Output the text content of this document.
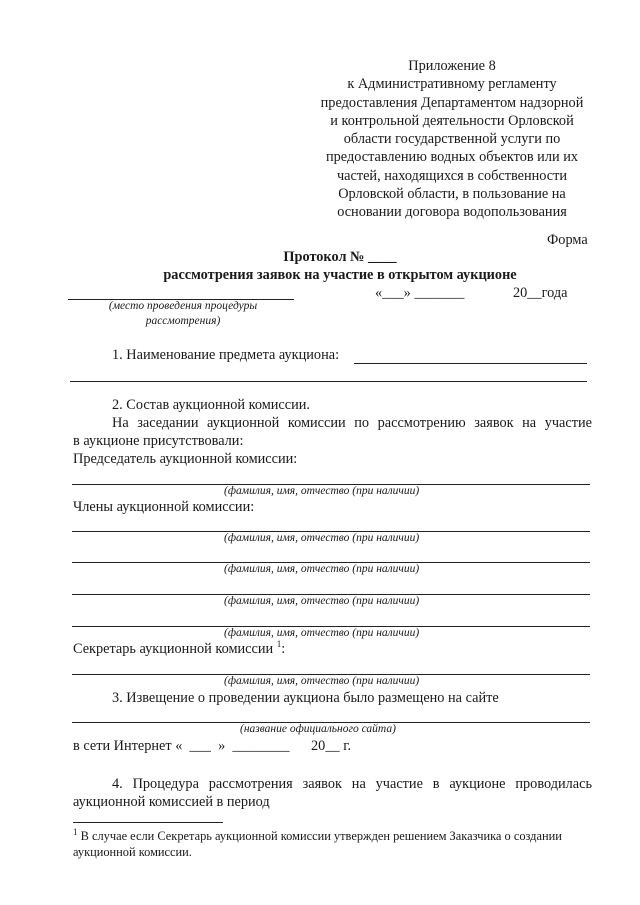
Приложение 8
к Административному регламенту
предоставления Департаментом надзорной
и контрольной деятельности Орловской
области государственной услуги по
предоставлению водных объектов или их
частей, находящихся в собственности
Орловской области, в пользование на
основании договора водопользования
Форма
Протокол № ____
рассмотрения заявок на участие в открытом аукционе
«___» _______	20__года
(место проведения процедуры
рассмотрения)
1. Наименование предмета аукциона:
2. Состав аукционной комиссии.
На заседании аукционной комиссии по рассмотрению заявок на участие
в аукционе присутствовали:
Председатель аукционной комиссии:
(фамилия, имя, отчество (при наличии)
Члены аукционной комиссии:
(фамилия, имя, отчество (при наличии)
(фамилия, имя, отчество (при наличии)
(фамилия, имя, отчество (при наличии)
(фамилия, имя, отчество (при наличии)
Секретарь аукционной комиссии $^1$:
(фамилия, имя, отчество (при наличии)
3. Извещение о проведении аукциона было размещено на сайте
(название официального сайта)
в сети Интернет «  ___  »  ________      20__ г.
4. Процедура рассмотрения заявок на участие в аукционе проводилась
аукционной комиссией в период
$^1$ В случае если Секретарь аукционной комиссии утвержден решением Заказчика о создании
аукционной комиссии.
